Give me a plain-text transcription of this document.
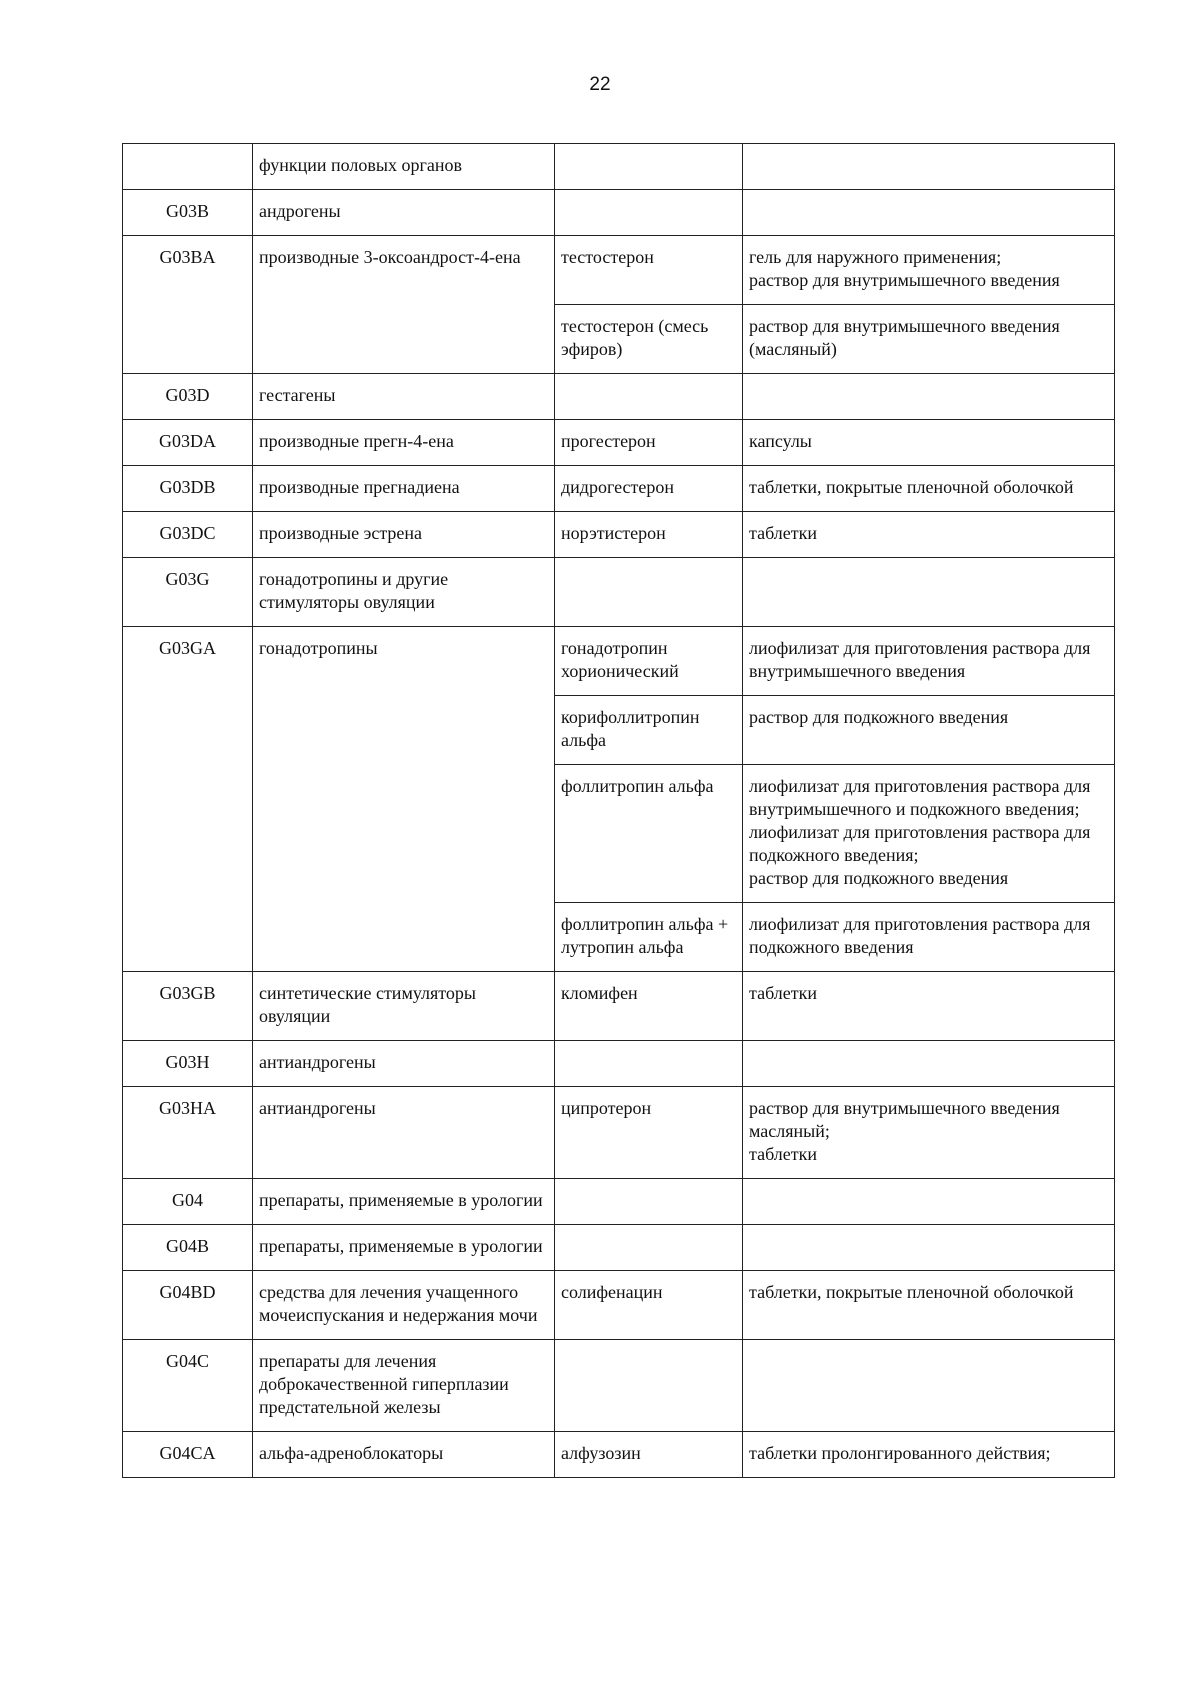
22
	функции половых органов		
G03B	андрогены		
G03BA	производные 3-оксоандрост-4-ена	тестостерон	гель для наружного применения;
раствор для внутримышечного введения

		тестостерон (смесь эфиров)	раствор для внутримышечного введения (масляный)

G03D	гестагены		
G03DA	производные прегн-4-ена	прогестерон	капсулы

G03DB	производные прегнадиена	дидрогестерон	таблетки, покрытые пленочной оболочкой

G03DC	производные эстрена	норэтистерон	таблетки

G03G	гонадотропины и другие стимуляторы овуляции		
G03GA	гонадотропины	гонадотропин хорионический	лиофилизат для приготовления раствора для внутримышечного введения

		корифоллитропин альфа	раствор для подкожного введения

		фоллитропин альфа	лиофилизат для приготовления раствора для внутримышечного и подкожного введения;
лиофилизат для приготовления раствора для подкожного введения;
раствор для подкожного введения

		фоллитропин альфа + лутропин альфа	лиофилизат для приготовления раствора для подкожного введения

G03GB	синтетические стимуляторы овуляции	кломифен	таблетки

G03H	антиандрогены		
G03HA	антиандрогены	ципротерон	раствор для внутримышечного введения масляный;
таблетки

G04	препараты, применяемые в урологии		
G04B	препараты, применяемые в урологии		
G04BD	средства для лечения учащенного мочеиспускания и недержания мочи	солифенацин	таблетки, покрытые пленочной оболочкой

G04C	препараты для лечения доброкачественной гиперплазии предстательной железы		
G04CA	альфа-адреноблокаторы	алфузозин	таблетки пролонгированного действия;
